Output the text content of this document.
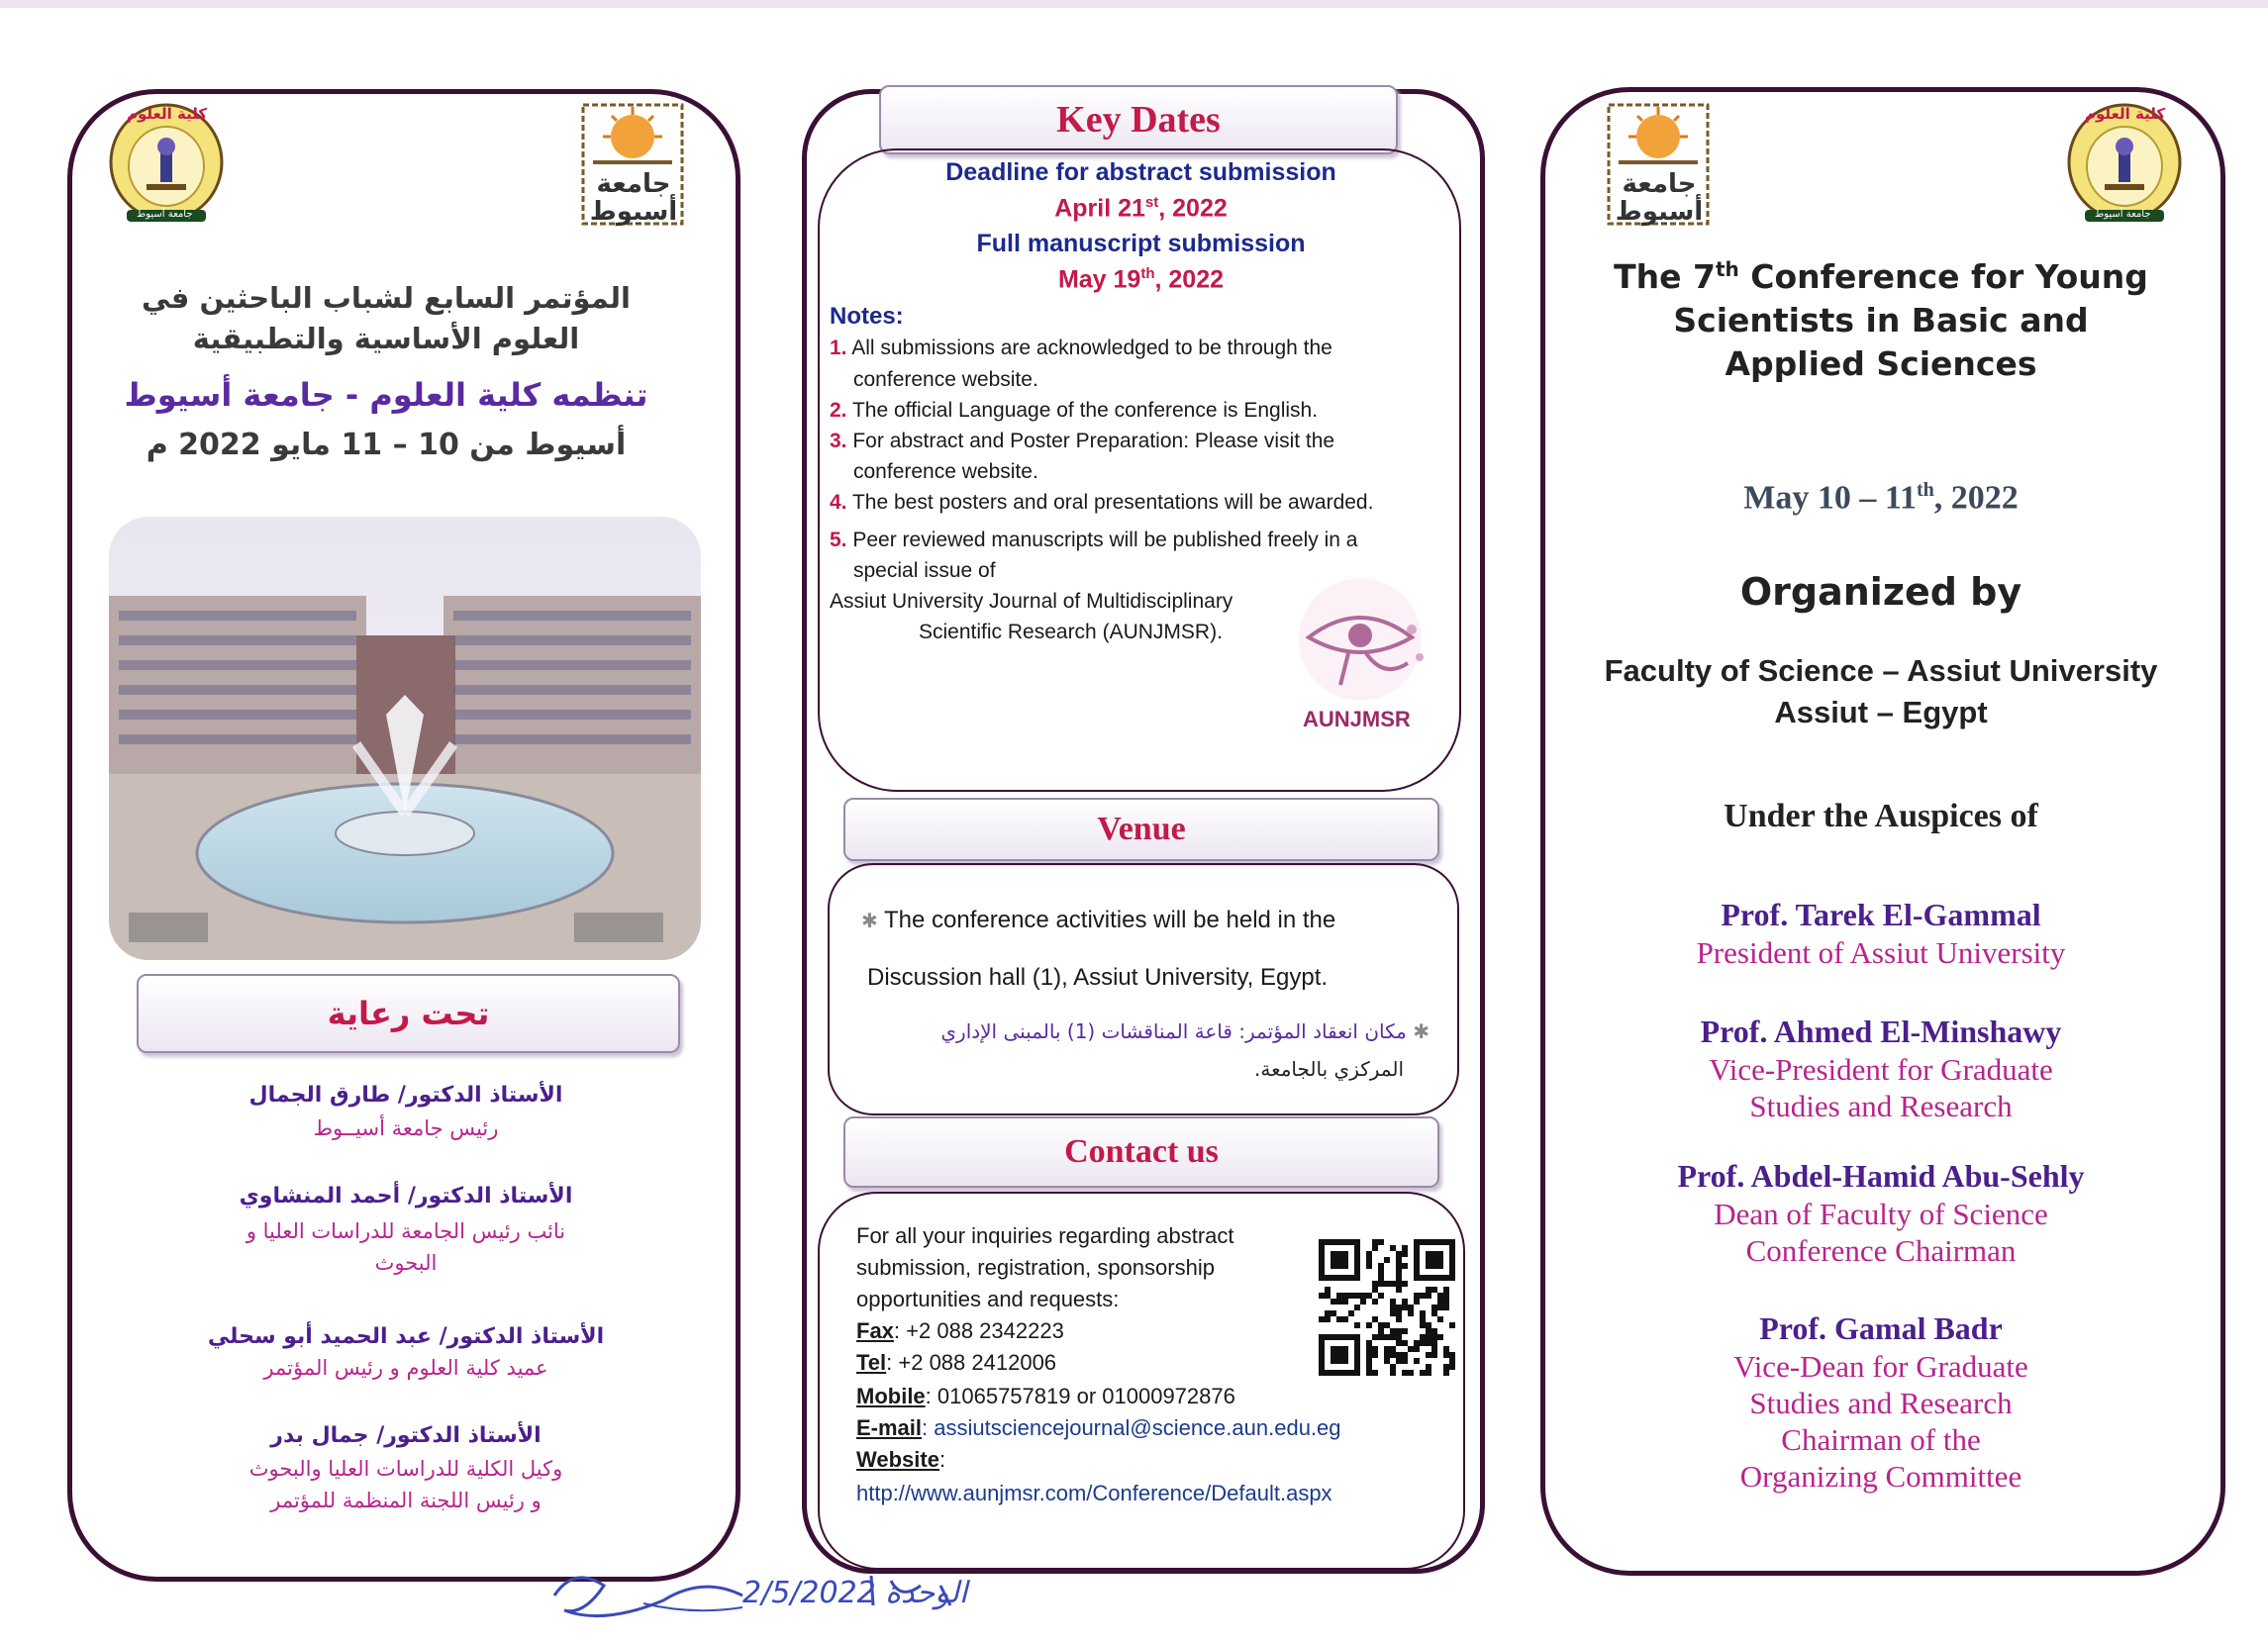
كلية العلوم
جامعة أسيوط
جامعة أسيوط
المؤتمر السابع لشباب الباحثين في
العلوم الأساسية والتطبيقية
تنظمه كلية العلوم - جامعة أسيوط
أسيوط من 10 – 11 مايو 2022 م
تحت رعاية
الأستاذ الدكتور/ طارق الجمال
رئيس جامعة أسيــوط
الأستاذ الدكتور/ أحمد المنشاوي
نائب رئيس الجامعة للدراسات العليا و البحوث
الأستاذ الدكتور/ عبد الحميد أبو سحلي
عميد كلية العلوم و رئيس المؤتمر
الأستاذ الدكتور/ جمال بدر
وكيل الكلية للدراسات العليا والبحوث
و رئيس اللجنة المنظمة للمؤتمر
Key Dates
Deadline for abstract submission
April 21st, 2022
Full manuscript submission
May 19th, 2022
Notes:
1. All submissions are acknowledged to be through the
conference website.
2. The official Language of the conference is English.
3. For abstract and Poster Preparation: Please visit the
conference website.
4. The best posters and oral presentations will be awarded.
5. Peer reviewed manuscripts will be published freely in a
special issue of
Assiut University Journal of Multidisciplinary
Scientific Research (AUNJMSR).
AUNJMSR
Venue
✱ The conference activities will be held in the
Discussion hall (1), Assiut University, Egypt.
✱ مكان انعقاد المؤتمر: قاعة المناقشات (1) بالمبنى الإداري
المركزي بالجامعة.
Contact us
For all your inquiries regarding abstract
submission, registration, sponsorship
opportunities and requests:
Fax: +2 088 2342223
Tel: +2 088 2412006
Mobile: 01065757819 or 01000972876
E-mail: assiutsciencejournal@science.aun.edu.eg
Website:
http://www.aunjmsr.com/Conference/Default.aspx
جامعة أسيوط
كلية العلوم
جامعة أسيوط
The 7th Conference for Young
Scientists in Basic and
Applied Sciences
May 10 – 11th, 2022
Organized by
Faculty of Science – Assiut University
Assiut – Egypt
Under the Auspices of
Prof. Tarek El-Gammal
President of Assiut University
Prof. Ahmed El-Minshawy
Vice-President for Graduate
Studies and Research
Prof. Abdel-Hamid Abu-Sehly
Dean of Faculty of Science
Conference Chairman
Prof. Gamal Badr
Vice-Dean for Graduate
Studies and Research
Chairman of the
Organizing Committee
الوحدة 2/5/2022
